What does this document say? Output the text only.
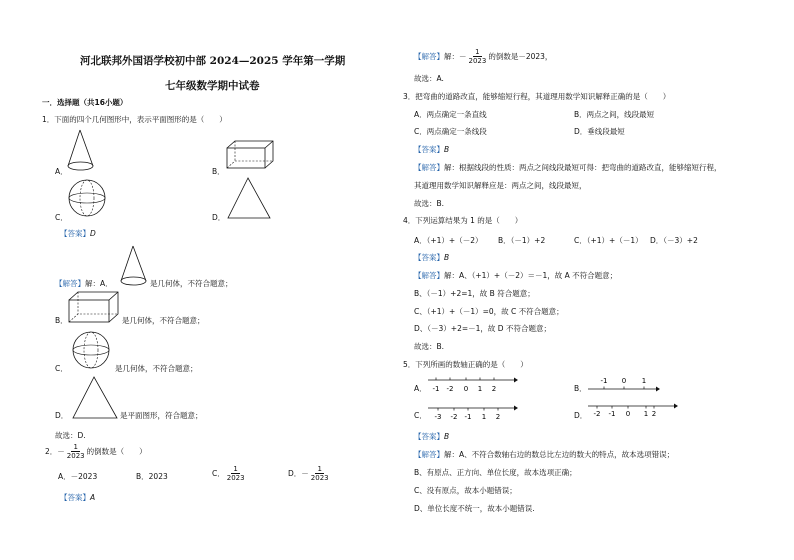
河北联邦外国语学校初中部 2024—2025 学年第一学期
七年级数学期中试卷
一．选择题（共16小题）
1．下面的四个几何图形中，表示平面图形的是（　　）
A．	B．
C．	D．
【答案】D
【解答】解：A．	是几何体，不符合题意；
B．	是几何体，不符合题意；
C．	是几何体，不符合题意；
D．	是平面图形，符合题意；
故选：D.
2． － $\frac{1}{2023}$ 的倒数是（　　）
A．－2023	B．2023	C． $\frac{1}{2023}$	D．－ $\frac{1}{2023}$
【答案】A
【解答】 解：－ $\frac{1}{2023}$ 的倒数是－2023，
故选：A.
3．把弯曲的道路改直，能够缩短行程，其道理用数学知识解释正确的是（　　）
A．两点确定一条直线	B．两点之间，线段最短
C．两点确定一条线段	D．垂线段最短
【答案】B
【解答】解：根据线段的性质：两点之间线段最短可得：把弯曲的道路改直，能够缩短行程，
其道理用数学知识解释应是：两点之间，线段最短，
故选：B.
4．下列运算结果为 1 的是（　　）
A．（+1）+（－2） B．（－1）+2	C．（+1）+（－1） D．（－3）+2
【答案】B
【解答】解：A、（+1）+（－2）＝－1，故 A 不符合题意；
B、（－1）+2=1，故 B 符合题意；
C、（+1）+（－1）=0，故 C 不符合题意；
D、（－3）+2=－1，故 D 不符合题意；
故选：B.
5．下列所画的数轴正确的是（　　）
A． -1 -2 0 1 2	B．
-1 0 1
C． -3 -2 -1 1 2	D． -2 -1 0 1 2
【答案】B
【解答】解：A、不符合数轴右边的数总比左边的数大的特点，故本选项错误；
B、有原点、正方向、单位长度，故本选项正确；
C、没有原点，故本小题错误；
D、单位长度不统一，故本小题错误.
